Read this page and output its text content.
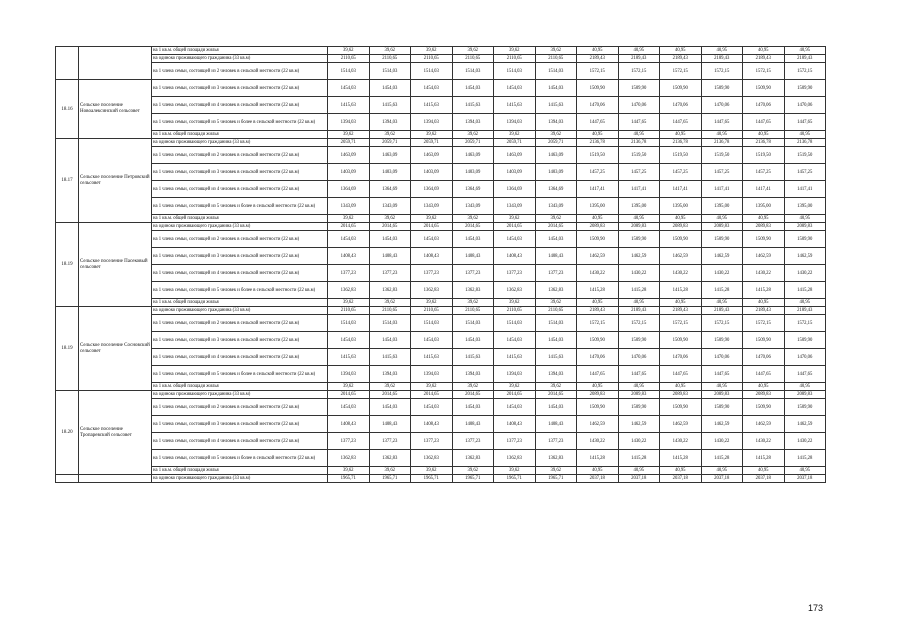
		на 1 кв.м. общей площади жилья	39,62	39,62	39,62	39,62	39,62	39,62	40,95	40,95	40,95	40,95	40,95	40,95
		на одиноко проживающего гражданина (33 кв.м)	2110,65	2110,65	2110,65	2110,65	2110,65	2110,65	2189,43	2189,43	2189,43	2189,43	2189,43	2189,43
		на 1 члена семьи, состоящей из 2 человек в сельской местности (22 кв.м)	1514,03	1514,03	1514,03	1514,03	1514,03	1514,03	1572,15	1572,15	1572,15	1572,15	1572,15	1572,15
18.16	Сельское поселение Новоалексинский сельсовет	на 1 члена семьи, состоящей из 3 человек в сельской местности (22 кв.м)	1454,03	1454,03	1454,03	1454,03	1454,03	1454,03	1509,90	1509,90	1509,90	1509,90	1509,90	1509,90
		на 1 члена семьи, состоящей из 4 человек в сельской местности (22 кв.м)	1415,63	1415,63	1415,63	1415,63	1415,63	1415,63	1470,06	1470,06	1470,06	1470,06	1470,06	1470,06
		на 1 члена семьи, состоящей из 5 человек и более в сельской местности (22 кв.м)	1394,03	1394,03	1394,03	1394,03	1394,03	1394,03	1447,65	1447,65	1447,65	1447,65	1447,65	1447,65
		на 1 кв.м. общей площади жилья	39,62	39,62	39,62	39,62	39,62	39,62	40,95	40,95	40,95	40,95	40,95	40,95
18.17	Сельское поселение Петровский сельсовет	на одиноко проживающего гражданина (33 кв.м)	2059,71	2059,71	2059,71	2059,71	2059,71	2059,71	2136,78	2136,78	2136,78	2136,78	2136,78	2136,78
		на 1 члена семьи, состоящей из 2 человек в сельской местности (22 кв.м)	1463,09	1463,09	1463,09	1463,09	1463,09	1463,09	1519,50	1519,50	1519,50	1519,50	1519,50	1519,50
		на 1 члена семьи, состоящей из 3 человек в сельской местности (22 кв.м)	1403,09	1403,09	1403,09	1403,09	1403,09	1403,09	1457,25	1457,25	1457,25	1457,25	1457,25	1457,25
		на 1 члена семьи, состоящей из 4 человек в сельской местности (22 кв.м)	1364,69	1364,69	1364,69	1364,69	1364,69	1364,69	1417,41	1417,41	1417,41	1417,41	1417,41	1417,41
		на 1 члена семьи, состоящей из 5 человек и более в сельской местности (22 кв.м)	1343,09	1343,09	1343,09	1343,09	1343,09	1343,09	1395,00	1395,00	1395,00	1395,00	1395,00	1395,00
		на 1 кв.м. общей площади жилья	39,62	39,62	39,62	39,62	39,62	39,62	40,95	40,95	40,95	40,95	40,95	40,95
18.19	Сельское поселение Пасековый сельсовет	на одиноко проживающего гражданина (33 кв.м)	2014,65	2014,65	2014,65	2014,65	2014,65	2014,65	2089,83	2089,83	2089,83	2089,83	2089,83	2089,83
		на 1 члена семьи, состоящей из 2 человек в сельской местности (22 кв.м)	1454,03	1454,03	1454,03	1454,03	1454,03	1454,03	1509,90	1509,90	1509,90	1509,90	1509,90	1509,90
		на 1 члена семьи, состоящей из 3 человек в сельской местности (22 кв.м)	1408,43	1408,43	1408,43	1408,43	1408,43	1408,43	1462,59	1462,59	1462,59	1462,59	1462,59	1462,59
		на 1 члена семьи, состоящей из 4 человек в сельской местности (22 кв.м)	1377,23	1377,23	1377,23	1377,23	1377,23	1377,23	1430,22	1430,22	1430,22	1430,22	1430,22	1430,22
		на 1 члена семьи, состоящей из 5 человек и более в сельской местности (22 кв.м)	1362,83	1362,83	1362,83	1362,83	1362,83	1362,83	1415,28	1415,28	1415,28	1415,28	1415,28	1415,28
		на 1 кв.м. общей площади жилья	39,62	39,62	39,62	39,62	39,62	39,62	40,95	40,95	40,95	40,95	40,95	40,95
18.19	Сельское поселение Сосновский сельсовет	на одиноко проживающего гражданина (33 кв.м)	2110,65	2110,65	2110,65	2110,65	2110,65	2110,65	2189,43	2189,43	2189,43	2189,43	2189,43	2189,43
		на 1 члена семьи, состоящей из 2 человек в сельской местности (22 кв.м)	1514,03	1514,03	1514,03	1514,03	1514,03	1514,03	1572,15	1572,15	1572,15	1572,15	1572,15	1572,15
		на 1 члена семьи, состоящей из 3 человек в сельской местности (22 кв.м)	1454,03	1454,03	1454,03	1454,03	1454,03	1454,03	1509,90	1509,90	1509,90	1509,90	1509,90	1509,90
		на 1 члена семьи, состоящей из 4 человек в сельской местности (22 кв.м)	1415,63	1415,63	1415,63	1415,63	1415,63	1415,63	1470,06	1470,06	1470,06	1470,06	1470,06	1470,06
		на 1 члена семьи, состоящей из 5 человек и более в сельской местности (22 кв.м)	1394,03	1394,03	1394,03	1394,03	1394,03	1394,03	1447,65	1447,65	1447,65	1447,65	1447,65	1447,65
		на 1 кв.м. общей площади жилья	39,62	39,62	39,62	39,62	39,62	39,62	40,95	40,95	40,95	40,95	40,95	40,95
18.20	Сельское поселение Тропаревский сельсовет	на одиноко проживающего гражданина (33 кв.м)	2014,65	2014,65	2014,65	2014,65	2014,65	2014,65	2089,83	2089,83	2089,83	2089,83	2089,83	2089,83
		на 1 члена семьи, состоящей из 2 человек в сельской местности (22 кв.м)	1454,03	1454,03	1454,03	1454,03	1454,03	1454,03	1509,90	1509,90	1509,90	1509,90	1509,90	1509,90
		на 1 члена семьи, состоящей из 3 человек в сельской местности (22 кв.м)	1408,43	1408,43	1408,43	1408,43	1408,43	1408,43	1462,59	1462,59	1462,59	1462,59	1462,59	1462,59
		на 1 члена семьи, состоящей из 4 человек в сельской местности (22 кв.м)	1377,23	1377,23	1377,23	1377,23	1377,23	1377,23	1430,22	1430,22	1430,22	1430,22	1430,22	1430,22
		на 1 члена семьи, состоящей из 5 человек и более в сельской местности (22 кв.м)	1362,83	1362,83	1362,83	1362,83	1362,83	1362,83	1415,28	1415,28	1415,28	1415,28	1415,28	1415,28
		на 1 кв.м. общей площади жилья	39,62	39,62	39,62	39,62	39,62	39,62	40,95	40,95	40,95	40,95	40,95	40,95
		на одиноко проживающего гражданина (33 кв.м)	1965,71	1965,71	1965,71	1965,71	1965,71	1965,71	2037,18	2037,18	2037,18	2037,18	2037,18	2037,18
173
